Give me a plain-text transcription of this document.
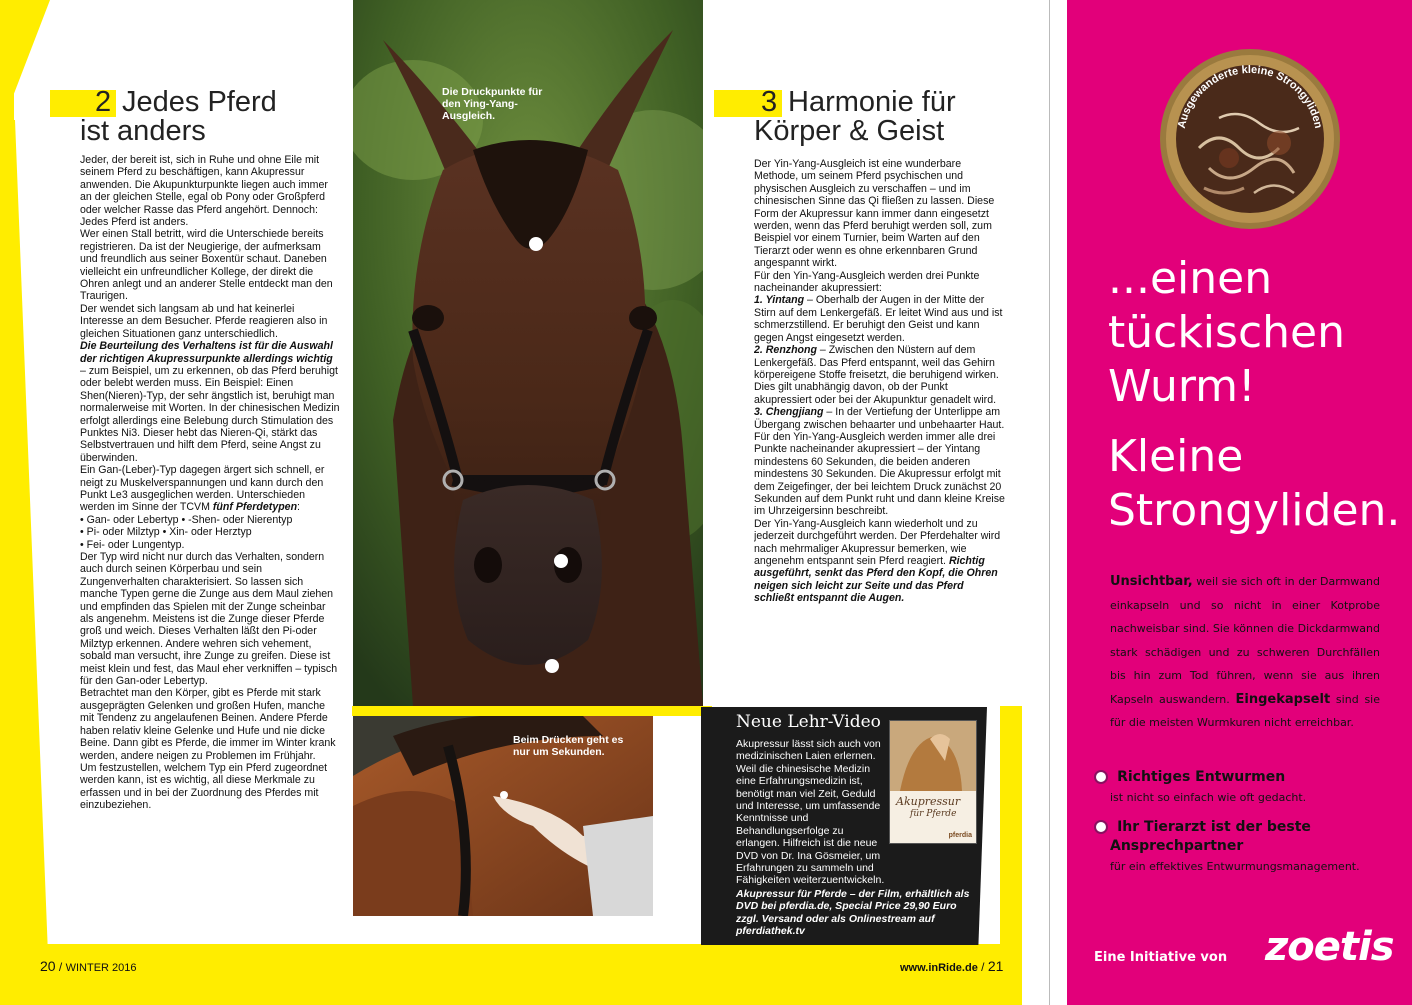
20 / WINTER 2016	www.inRide.de / 21
2 Jedes Pferd
ist anders

Jeder, der bereit ist, sich in Ruhe und ohne Eile mit seinem Pferd zu beschäftigen, kann Akupressur anwenden. Die Akupunkturpunkte liegen auch immer an der gleichen Stelle, egal ob Pony oder Großpferd oder welcher Rasse das Pferd angehört. Dennoch: Jedes Pferd ist anders.

Wer einen Stall betritt, wird die Unterschiede bereits registrieren. Da ist der Neugierige, der aufmerksam und freundlich aus seiner Boxentür schaut. Daneben vielleicht ein unfreundlicher Kollege, der direkt die Ohren anlegt und an anderer Stelle entdeckt man den Traurigen.

Der wendet sich langsam ab und hat keinerlei Interesse an dem Besucher. Pferde reagieren also in gleichen Situationen ganz unterschiedlich.

Die Beurteilung des Verhaltens ist für die Auswahl der richtigen Akupressurpunkte allerdings wichtig – zum Beispiel, um zu erkennen, ob das Pferd beruhigt oder belebt werden muss. Ein Beispiel: Einen Shen(Nieren)-Typ, der sehr ängstlich ist, beruhigt man normalerweise mit Worten. In der chinesischen Medizin erfolgt allerdings eine Belebung durch Stimulation des Punktes Ni3. Dieser hebt das Nieren-Qi, stärkt das Selbstvertrauen und hilft dem Pferd, seine Angst zu überwinden.

Ein Gan-(Leber)-Typ dagegen ärgert sich schnell, er neigt zu Muskelverspannungen und kann durch den Punkt Le3 ausgeglichen werden. Unterschieden werden im Sinne der TCVM fünf Pferdetypen:

• Gan- oder Lebertyp • -Shen- oder Nierentyp

• Pi- oder Milztyp • Xin- oder Herztyp

• Fei- oder Lungentyp.

Der Typ wird nicht nur durch das Verhalten, sondern auch durch seinen Körperbau und sein Zungenverhalten charakterisiert. So lassen sich manche Typen gerne die Zunge aus dem Maul ziehen und empfinden das Spielen mit der Zunge scheinbar als angenehm. Meistens ist die Zunge dieser Pferde groß und weich. Dieses Verhalten läßt den Pi-oder Milztyp erkennen. Andere wehren sich vehement, sobald man versucht, ihre Zunge zu greifen. Diese ist meist klein und fest, das Maul eher verkniffen – typisch für den Gan-oder Lebertyp.

Betrachtet man den Körper, gibt es Pferde mit stark ausgeprägten Gelenken und großen Hufen, manche mit Tendenz zu angelaufenen Beinen. Andere Pferde haben relativ kleine Gelenke und Hufe und nie dicke Beine. Dann gibt es Pferde, die immer im Winter krank werden, andere neigen zu Problemen im Frühjahr.

Um festzustellen, welchem Typ ein Pferd zugeordnet werden kann, ist es wichtig, all diese Merkmale zu erfassen und in bei der Zuordnung des Pferdes mit einzubeziehen.

Die Druckpunkte für den Ying-Yang-Ausgleich.	3 Harmonie für
Körper & Geist

Der Yin-Yang-Ausgleich ist eine wunderbare Methode, um seinem Pferd psychischen und physischen Ausgleich zu verschaffen – und im chinesischen Sinne das Qi fließen zu lassen. Diese Form der Akupressur kann immer dann eingesetzt werden, wenn das Pferd beruhigt werden soll, zum Beispiel vor einem Turnier, beim Warten auf den Tierarzt oder wenn es ohne erkennbaren Grund angespannt wirkt.

Für den Yin-Yang-Ausgleich werden drei Punkte nacheinander akupressiert:

1. Yintang – Oberhalb der Augen in der Mitte der Stirn auf dem Lenkergefäß. Er leitet Wind aus und ist schmerzstillend. Er beruhigt den Geist und kann gegen Angst eingesetzt werden.

2. Renzhong – Zwischen den Nüstern auf dem Lenkergefäß. Das Pferd entspannt, weil das Gehirn körpereigene Stoffe freisetzt, die beruhigend wirken. Dies gilt unabhängig davon, ob der Punkt akupressiert oder bei der Akupunktur genadelt wird.

3. Chengjiang – In der Vertiefung der Unterlippe am Übergang zwischen behaarter und unbehaarter Haut.

Für den Yin-Yang-Ausgleich werden immer alle drei Punkte nacheinander akupressiert – der Yintang mindestens 60 Sekunden, die beiden anderen mindestens 30 Sekunden. Die Akupressur erfolgt mit dem Zeigefinger, der bei leichtem Druck zunächst 20 Sekunden auf dem Punkt ruht und dann kleine Kreise im Uhrzeigersinn beschreibt.

Der Yin-Yang-Ausgleich kann wiederholt und zu jederzeit durchgeführt werden. Der Pferdehalter wird nach mehrmaliger Akupressur bemerken, wie angenehm entspannt sein Pferd reagiert. Richtig ausgeführt, senkt das Pferd den Kopf, die Ohren neigen sich leicht zur Seite und das Pferd schließt entspannt die Augen.

Beim Drücken geht es nur um Sekunden.
Neue Lehr-Video
Akupressur
für Pferde
pferdia
Akupressur lässt sich auch von medizinischen Laien erlernen. Weil die chinesische Medizin eine Erfahrungsmedizin ist, benötigt man viel Zeit, Geduld und Interesse, um umfassende Kenntnisse und Behandlungserfolge zu erlangen. Hilfreich ist die neue DVD von Dr. Ina Gösmeier, um Erfahrungen zu sammeln und Fähigkeiten weiterzuentwickeln.
Akupressur für Pferde – der Film, erhältlich als DVD bei pferdia.de, Special Price 29,90 Euro zzgl. Versand oder als Onlinestream auf pferdiathek.tv
Ausgewanderte kleine Strongyliden
...einen
tückischen
Wurm!
Kleine
Strongyliden.
Unsichtbar, weil sie sich oft in der Darmwand einkapseln und so nicht in einer Kotprobe nachweisbar sind. Sie können die Dickdarmwand stark schädigen und zu schweren Durchfällen bis hin zum Tod führen, wenn sie aus ihren Kapseln auswandern. Eingekapselt sind sie für die meisten Wurmkuren nicht erreichbar.
Richtiges Entwurmen
ist nicht so einfach wie oft gedacht.
Ihr Tierarzt ist der beste
Ansprechpartner
für ein effektives Entwurmungsmanagement.
Eine Initiative von zoetis
